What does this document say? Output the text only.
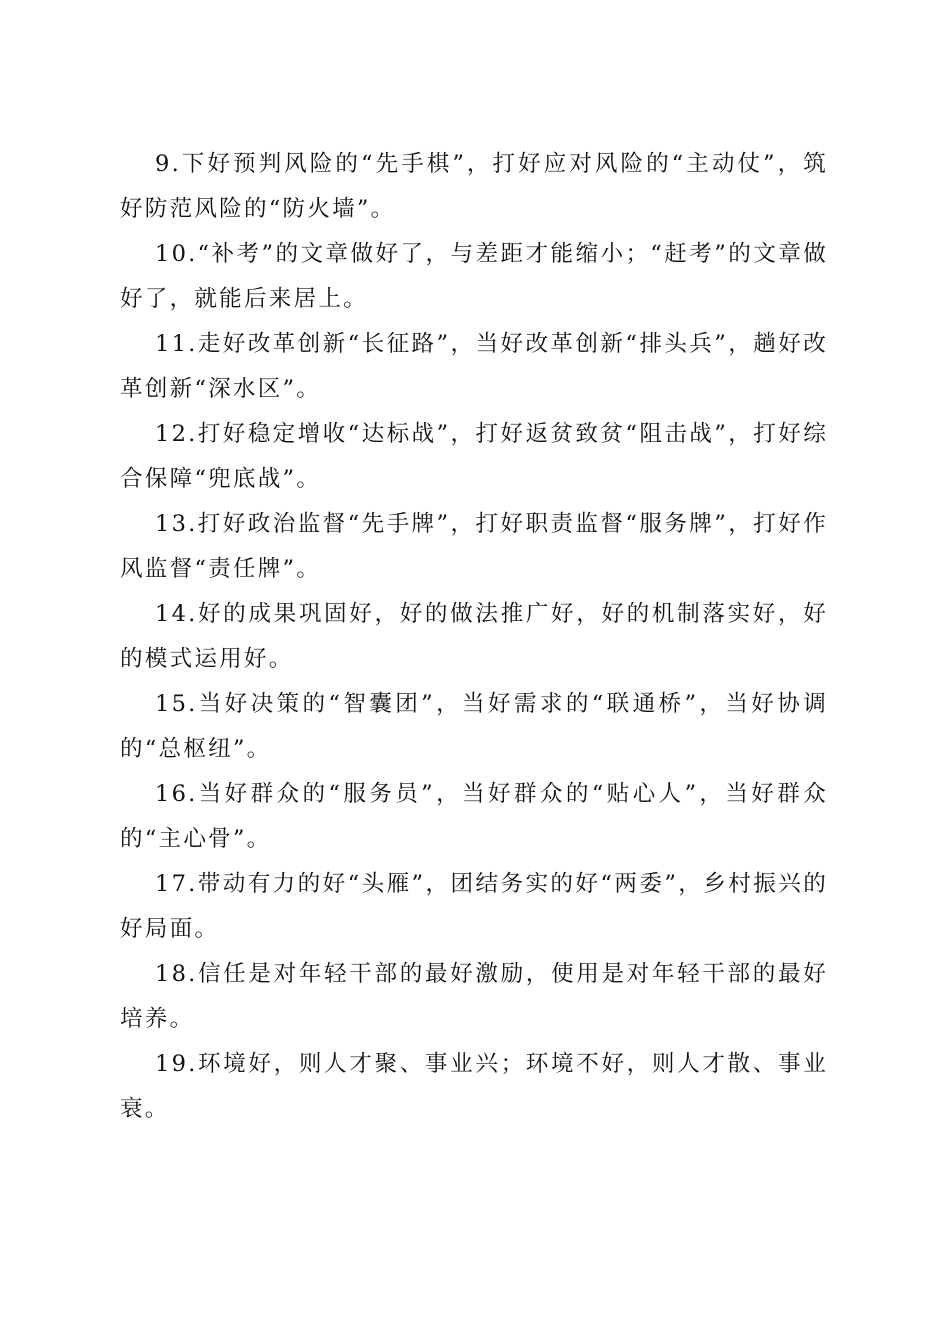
9.下好预判风险的“先手棋”，打好应对风险的“主动仗”，筑好防范风险的“防火墙”。

10.“补考”的文章做好了，与差距才能缩小；“赶考”的文章做好了，就能后来居上。

11.走好改革创新“长征路”，当好改革创新“排头兵”，趟好改革创新“深水区”。

12.打好稳定增收“达标战”，打好返贫致贫“阻击战”，打好综合保障“兜底战”。

13.打好政治监督“先手牌”，打好职责监督“服务牌”，打好作风监督“责任牌”。

14.好的成果巩固好，好的做法推广好，好的机制落实好，好的模式运用好。

15.当好决策的“智囊团”，当好需求的“联通桥”，当好协调的“总枢纽”。

16.当好群众的“服务员”，当好群众的“贴心人”，当好群众的“主心骨”。

17.带动有力的好“头雁”，团结务实的好“两委”，乡村振兴的好局面。

18.信任是对年轻干部的最好激励，使用是对年轻干部的最好培养。

19.环境好，则人才聚、事业兴；环境不好，则人才散、事业衰。
